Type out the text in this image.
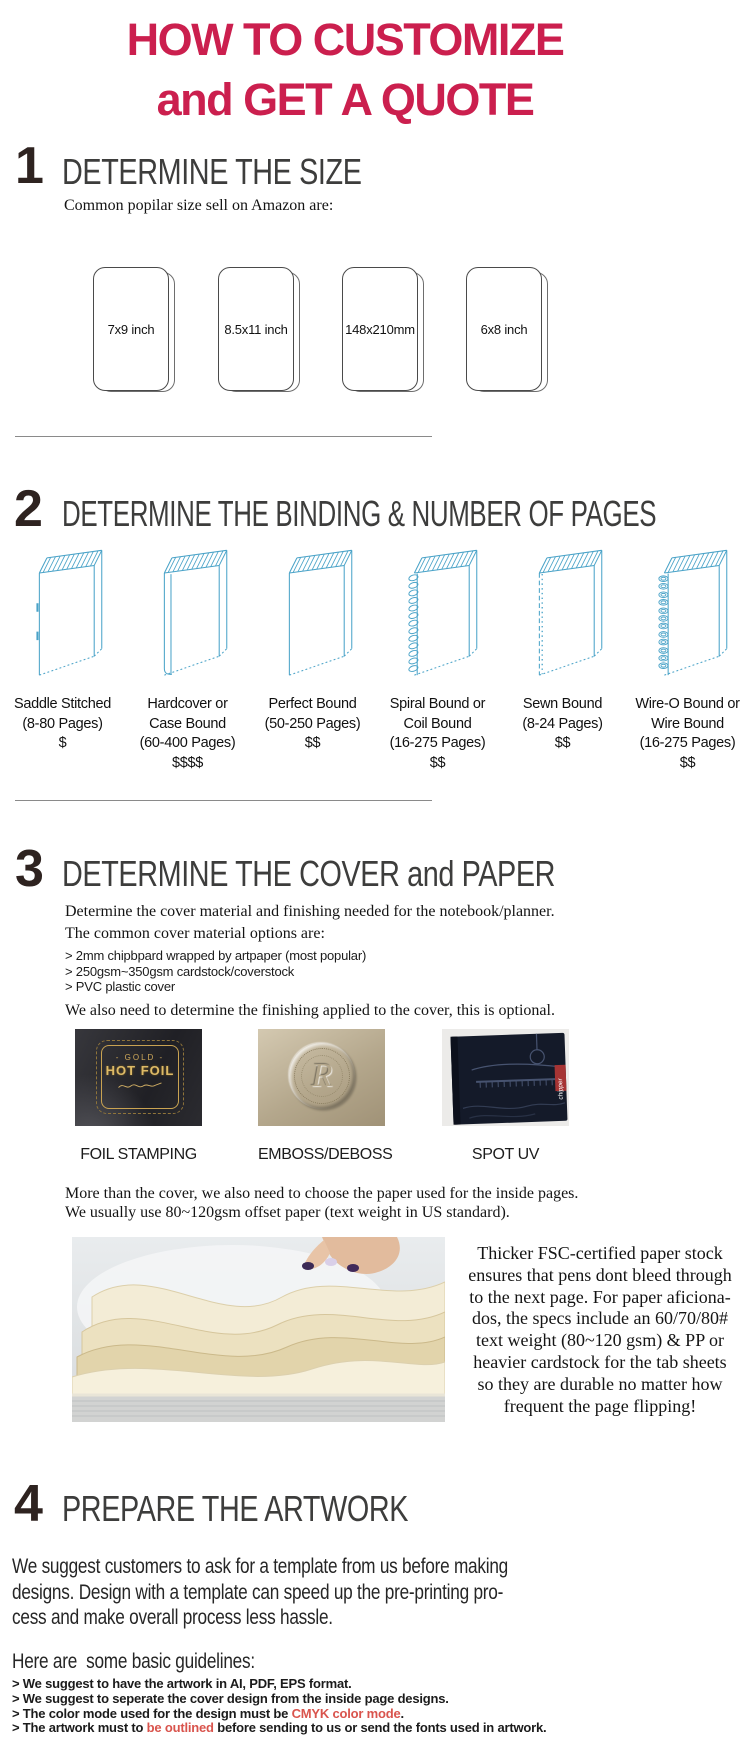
HOW TO CUSTOMIZE
and GET A QUOTE
1 DETERMINE THE SIZE
Common popilar size sell on Amazon are:
7x9 inch	8.5x11 inch	148x210mm	6x8 inch
2 DETERMINE THE BINDING & NUMBER OF PAGES
Saddle Stitched
(8-80 Pages)
$
Hardcover or
Case Bound
(60-400 Pages)
$$$$
Perfect Bound
(50-250 Pages)
$$
Spiral Bound or
Coil Bound
(16-275 Pages)
$$
Sewn Bound
(8-24 Pages)
$$
Wire-O Bound or
Wire Bound
(16-275 Pages)
$$
3 DETERMINE THE COVER and PAPER
Determine the cover material and finishing needed for the notebook/planner.
The common cover material options are:
> 2mm chipbpard wrapped by artpaper (most popular)
> 250gsm~350gsm cardstock/coverstock
> PVC plastic cover
We also need to determine the finishing applied to the cover, this is optional.
- GOLD -
HOT FOIL	R	chipper
FOIL STAMPING	EMBOSS/DEBOSS	SPOT UV
More than the cover, we also need to choose the paper used for the inside pages.
We usually use 80~120gsm offset paper (text weight in US standard).
Thicker FSC-certified paper stock
ensures that pens dont bleed through
to the next page. For paper aficiona-
dos, the specs include an 60/70/80#
text weight (80~120 gsm) & PP or
heavier cardstock for the tab sheets
so they are durable no matter how
frequent the page flipping!
4 PREPARE THE ARTWORK
We suggest customers to ask for a template from us before making
designs. Design with a template can speed up the pre-printing pro-
cess and make overall process less hassle.
Here are  some basic guidelines:
> We suggest to have the artwork in AI, PDF, EPS format.
> We suggest to seperate the cover design from the inside page designs.
> The color mode used for the design must be CMYK color mode.
> The artwork must to be outlined before sending to us or send the fonts used in artwork.
